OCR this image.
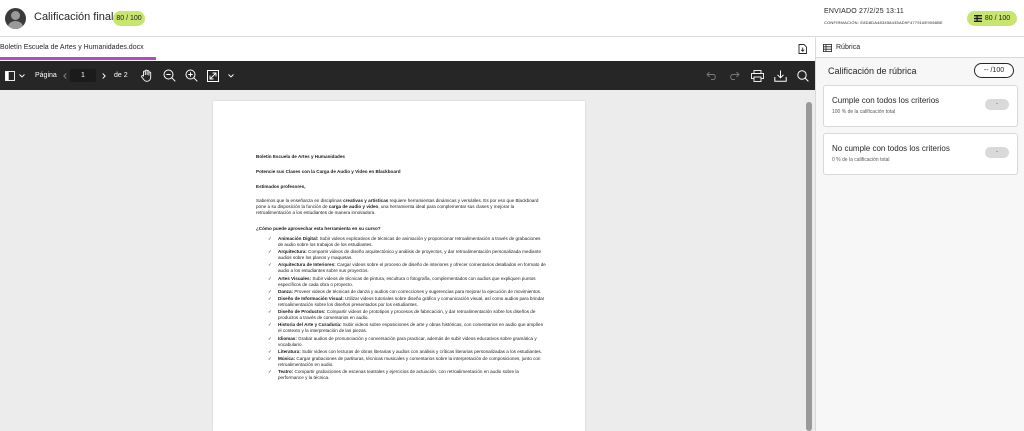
Calificación final 80 / 100
ENVIADO 27/2/25 13:11
CONFIRMACIÓN: E8D8DA483458435AD9F477916E9058BE
80 / 100
Boletín Escuela de Artes y Humanidades.docx
Página	1	de 2
Boletín Escuela de Artes y Humanidades
Potencie sus Clases con la Carga de Audio y Video en Blackboard
Estimados profesores,
Sabemos que la enseñanza en disciplinas creativas y artísticas requiere herramientas dinámicas y versátiles. Es por eso que Blackboard pone a su disposición la función de carga de audio y video, una herramienta ideal para complementar sus clases y mejorar la retroalimentación a los estudiantes de manera innovadora.
¿Cómo puede aprovechar esta herramienta en su curso?
✓ Animación Digital: Subir videos explicativos de técnicas de animación y proporcionar retroalimentación a través de grabaciones de audio sobre los trabajos de los estudiantes.
✓ Arquitectura: Compartir videos de diseño arquitectónico y análisis de proyectos, y dar retroalimentación personalizada mediante audios sobre los planos y maquetas.
✓ Arquitectura de Interiores: Cargar videos sobre el proceso de diseño de interiores y ofrecer comentarios detallados en formato de audio a los estudiantes sobre sus proyectos.
✓ Artes Visuales: Subir videos de técnicas de pintura, escultura o fotografía, complementados con audios que expliquen puntos específicos de cada obra o proyecto.
✓ Danza: Proveer videos de técnicas de danza y audios con correcciones y sugerencias para mejorar la ejecución de movimientos.
✓ Diseño de Información Visual: Utilizar videos tutoriales sobre diseño gráfico y comunicación visual, así como audios para brindar retroalimentación sobre los diseños presentados por los estudiantes.
✓ Diseño de Productos: Compartir videos de prototipos y procesos de fabricación, y dar retroalimentación sobre los diseños de productos a través de comentarios en audio.
✓ Historia del Arte y Curaduría: Subir videos sobre exposiciones de arte y obras históricas, con comentarios en audio que amplíen el contexto y la interpretación de las piezas.
✓ Idiomas: Grabar audios de pronunciación y conversación para practicar, además de subir videos educativos sobre gramática y vocabulario.
✓ Literatura: Subir videos con lecturas de obras literarias y audios con análisis y críticas literarias personalizadas a los estudiantes.
✓ Música: Cargar grabaciones de partituras, técnicas musicales y comentarios sobre la interpretación de composiciones, junto con retroalimentación en audio.
✓ Teatro: Compartir grabaciones de escenas teatrales y ejercicios de actuación, con retroalimentación en audio sobre la performance y la técnica.
Rúbrica
Calificación de rúbrica	-- /100
Cumple con todos los criterios
100 % de la calificación total
-
No cumple con todos los criterios
0 % de la calificación total
-
